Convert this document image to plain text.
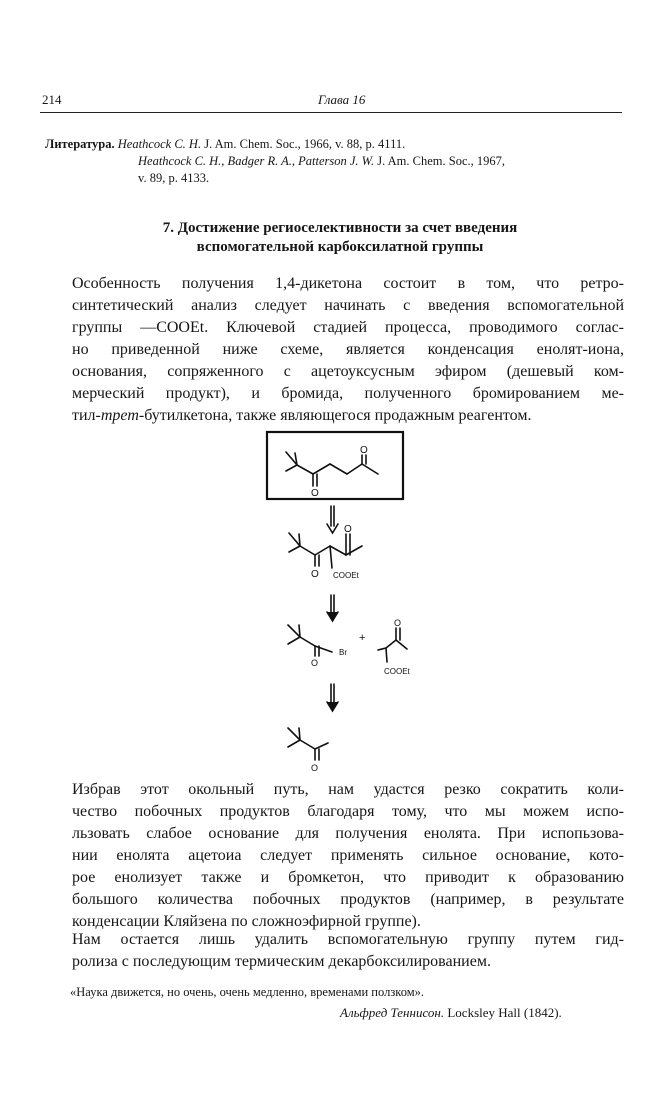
214	Глава 16
Литература. Heathcock C. H. J. Am. Chem. Soc., 1966, v. 88, p. 4111.
Heathcock C. H., Badger R. A., Patterson J. W. J. Am. Chem. Soc., 1967,
v. 89, p. 4133.
7. Достижение региоселективности за счет введения
вспомогательной карбоксилатной группы
Особенность получения 1,4-дикетона состоит в том, что ретро-
синтетический анализ следует начинать с введения вспомогательной
группы —COOEt. Ключевой стадией процесса, проводимого соглас-
но приведенной ниже схеме, является конденсация енолят-иона,
основания, сопряженного с ацетоуксусным эфиром (дешевый ком-
мерческий продукт), и бромида, полученного бромированием ме-
тил-трет-бутилкетона, также являющегося продажным реагентом.
O
O
O
O
COOEt
O
Br
+
O
COOEt
O
Избрав этот окольный путь, нам удастся резко сократить коли-
чество побочных продуктов благодаря тому, что мы можем испо-
льзовать слабое основание для получения енолята. При испопьзова-
нии енолята ацетоиа следует применять сильное основание, кото-
рое енолизует также и бромкетон, что приводит к образованию
большого количества побочных продуктов (например, в результате
конденсации Кляйзена по сложноэфирной группе).
Нам остается лишь удалить вспомогательную группу путем гид-
ролиза с последующим термическим декарбоксилированием.
«Наука движется, но очень, очень медленно, временами ползком».
Альфред Теннисон. Locksley Hall (1842).
